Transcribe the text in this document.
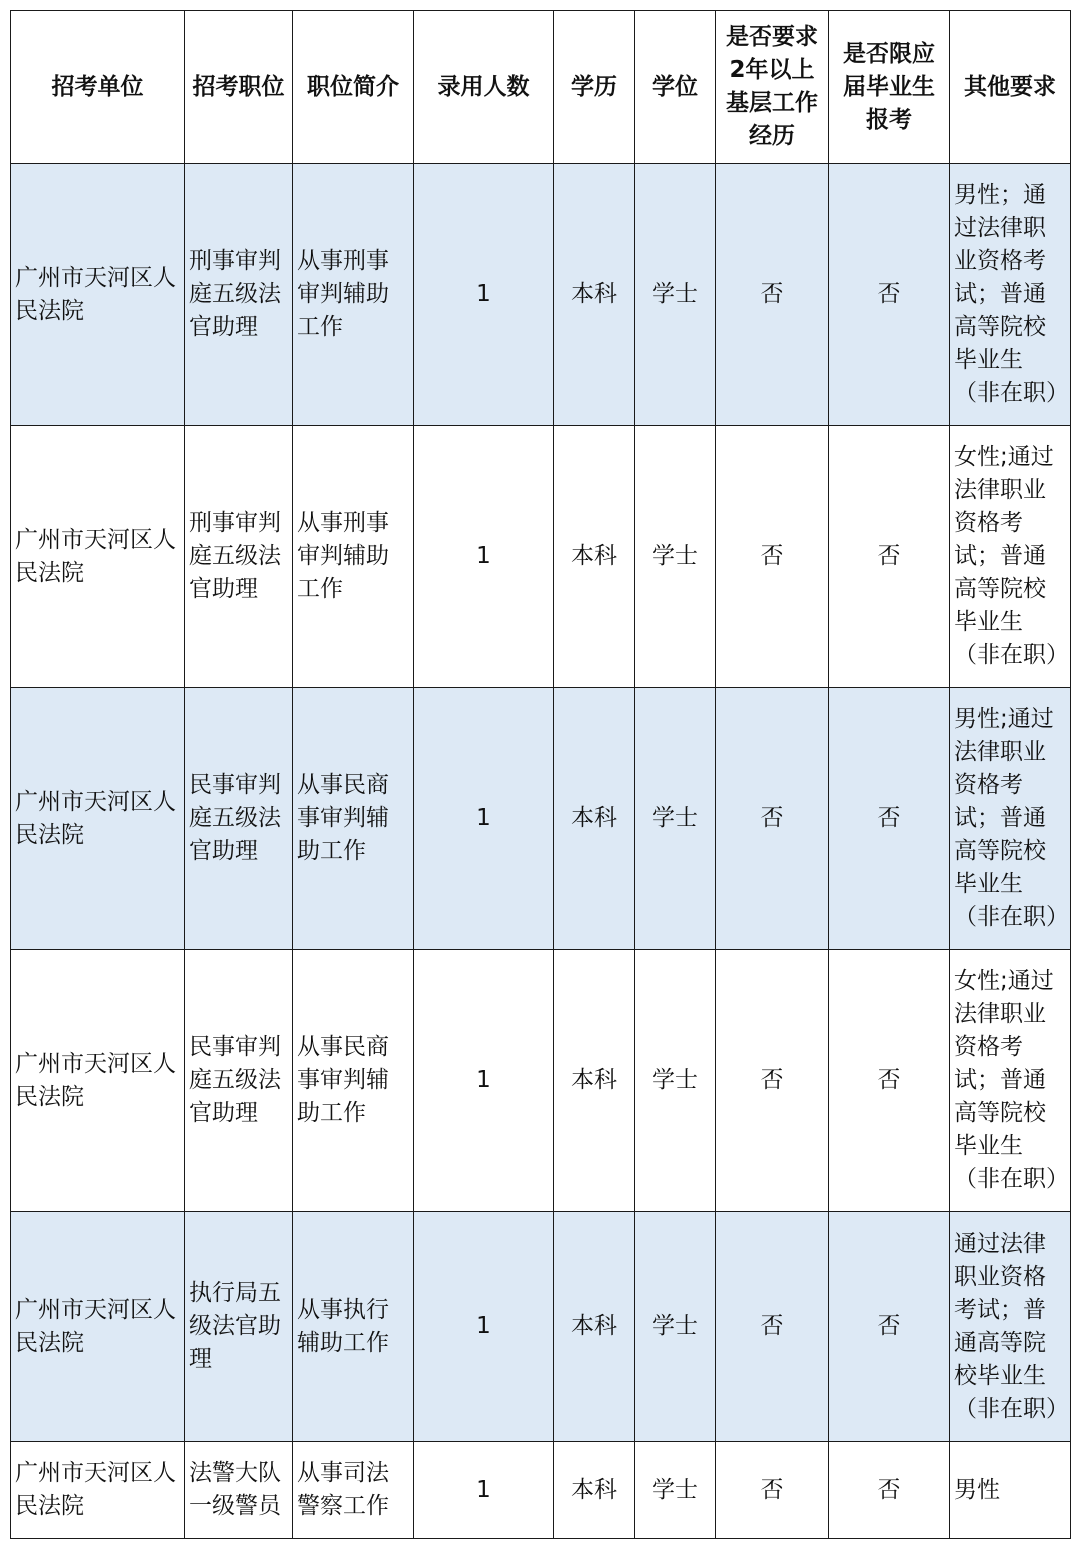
招考单位	招考职位	职位简介	录用人数	学历	学位	是否要求2年以上基层工作经历	是否限应届毕业生报考	其他要求
广州市天河区人民法院	刑事审判庭五级法官助理	从事刑事审判辅助工作	1	本科	学士	否	否	男性；通过法律职业资格考试；普通高等院校毕业生（非在职）
广州市天河区人民法院	刑事审判庭五级法官助理	从事刑事审判辅助工作	1	本科	学士	否	否	女性;通过法律职业资格考试；普通高等院校毕业生（非在职）
广州市天河区人民法院	民事审判庭五级法官助理	从事民商事审判辅助工作	1	本科	学士	否	否	男性;通过法律职业资格考试；普通高等院校毕业生（非在职）
广州市天河区人民法院	民事审判庭五级法官助理	从事民商事审判辅助工作	1	本科	学士	否	否	女性;通过法律职业资格考试；普通高等院校毕业生（非在职）
广州市天河区人民法院	执行局五级法官助理	从事执行辅助工作	1	本科	学士	否	否	通过法律职业资格考试；普通高等院校毕业生（非在职）
广州市天河区人民法院	法警大队一级警员	从事司法警察工作	1	本科	学士	否	否	男性
